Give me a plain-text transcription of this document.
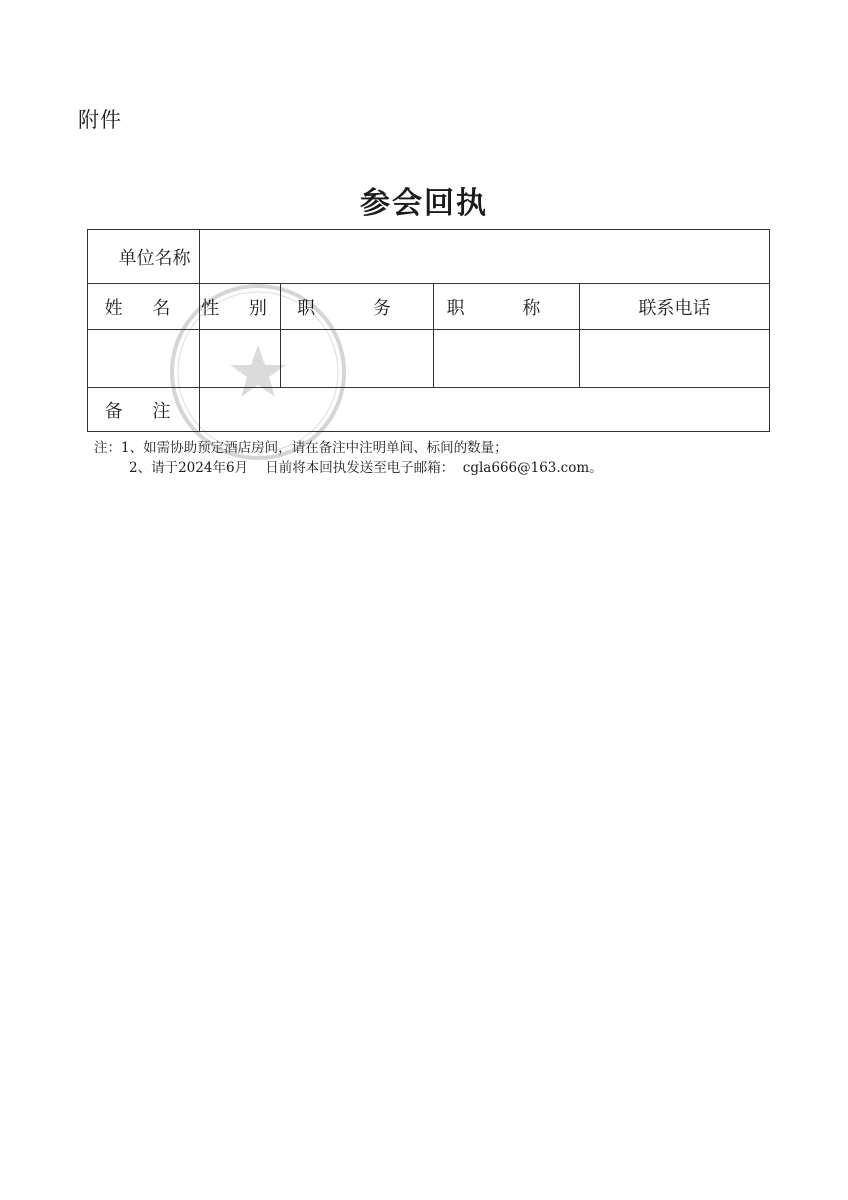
附件
参会回执
单位名称				
姓 名	性 别	职 务	职 称	联系电话

备 注				
注：1、如需协助预定酒店房间，请在备注中注明单间、标间的数量；
2、请于2024年6月    日前将本回执发送至电子邮箱：  cgla666@163.com。
